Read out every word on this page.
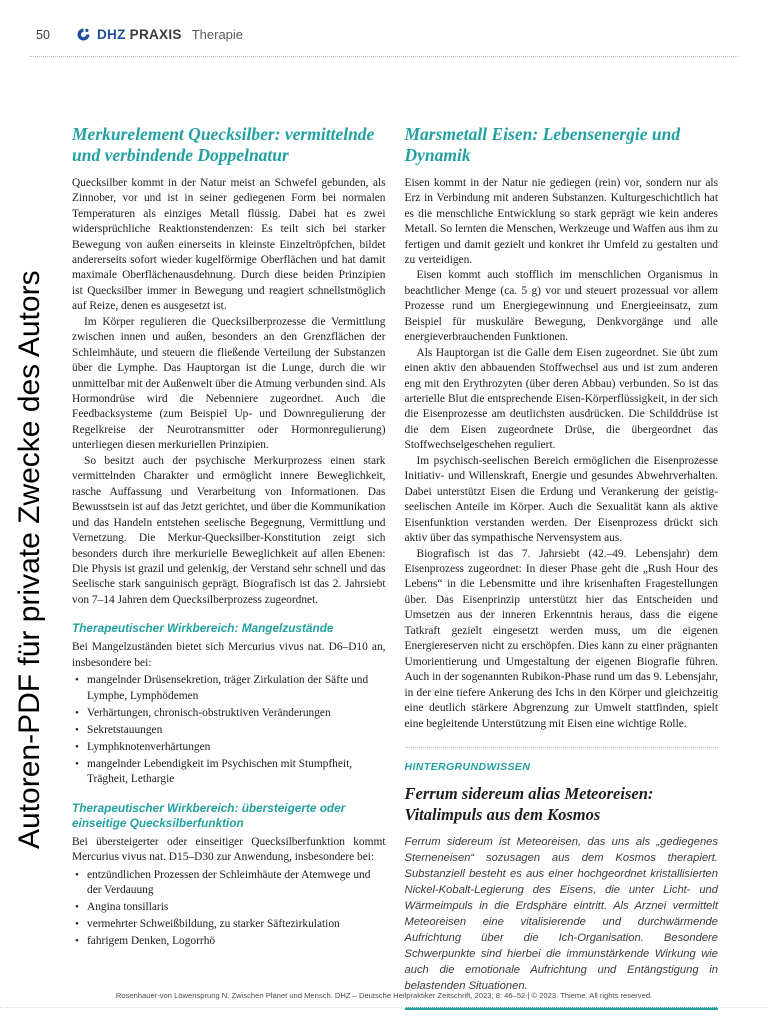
50	DHZ PRAXIS Therapie
Autoren-PDF für private Zwecke des Autors
Merkurelement Quecksilber: vermittelnde und verbindende Doppelnatur

Quecksilber kommt in der Natur meist an Schwefel gebunden, als Zinnober, vor und ist in seiner gediegenen Form bei normalen Temperaturen als einziges Metall flüssig. Dabei hat es zwei widersprüchliche Reaktionstendenzen: Es teilt sich bei starker Bewegung von außen einerseits in kleinste Einzeltröpfchen, bildet andererseits sofort wieder kugelförmige Oberflächen und hat damit maximale Oberflächenausdehnung. Durch diese beiden Prinzipien ist Quecksilber immer in Bewegung und reagiert schnellstmöglich auf Reize, denen es ausgesetzt ist.

Im Körper regulieren die Quecksilberprozesse die Vermittlung zwischen innen und außen, besonders an den Grenzflächen der Schleimhäute, und steuern die fließende Verteilung der Substanzen über die Lymphe. Das Hauptorgan ist die Lunge, durch die wir unmittelbar mit der Außenwelt über die Atmung verbunden sind. Als Hormondrüse wird die Nebenniere zugeordnet. Auch die Feedbacksysteme (zum Beispiel Up- und Downregulierung der Regelkreise der Neurotransmitter oder Hormonregulierung) unterliegen diesen merkuriellen Prinzipien.

So besitzt auch der psychische Merkurprozess einen stark vermittelnden Charakter und ermöglicht innere Beweglichkeit, rasche Auffassung und Verarbeitung von Informationen. Das Bewusstsein ist auf das Jetzt gerichtet, und über die Kommunikation und das Handeln entstehen seelische Begegnung, Vermittlung und Vernetzung. Die Merkur-Quecksilber-Konstitution zeigt sich besonders durch ihre merkurielle Beweglichkeit auf allen Ebenen: Die Physis ist grazil und gelenkig, der Verstand sehr schnell und das Seelische stark sanguinisch geprägt. Biografisch ist das 2. Jahrsiebt von 7–14 Jahren dem Quecksilberprozess zugeordnet.

Therapeutischer Wirkbereich: Mangelzustände

Bei Mangelzuständen bietet sich Mercurius vivus nat. D6–D10 an, insbesondere bei:

• mangelnder Drüsensekretion, träger Zirkulation der Säfte und Lymphe, Lymphödemen
• Verhärtungen, chronisch-obstruktiven Veränderungen
• Sekretstauungen
• Lymphknotenverhärtungen
• mangelnder Lebendigkeit im Psychischen mit Stumpfheit, Trägheit, Lethargie
Therapeutischer Wirkbereich: übersteigerte oder einseitige Quecksilberfunktion

Bei übersteigerter oder einseitiger Quecksilberfunktion kommt Mercurius vivus nat. D15–D30 zur Anwendung, insbesondere bei:

• entzündlichen Prozessen der Schleimhäute der Atemwege und der Verdauung
• Angina tonsillaris
• vermehrter Schweißbildung, zu starker Säftezirkulation
• fahrigem Denken, Logorrhö
Marsmetall Eisen: Lebensenergie und Dynamik

Eisen kommt in der Natur nie gediegen (rein) vor, sondern nur als Erz in Verbindung mit anderen Substanzen. Kulturgeschichtlich hat es die menschliche Entwicklung so stark geprägt wie kein anderes Metall. So lernten die Menschen, Werkzeuge und Waffen aus ihm zu fertigen und damit gezielt und konkret ihr Umfeld zu gestalten und zu verteidigen.

Eisen kommt auch stofflich im menschlichen Organismus in beachtlicher Menge (ca. 5 g) vor und steuert prozessual vor allem Prozesse rund um Energiegewinnung und Energieeinsatz, zum Beispiel für muskuläre Bewegung, Denkvorgänge und alle energieverbrauchenden Funktionen.

Als Hauptorgan ist die Galle dem Eisen zugeordnet. Sie übt zum einen aktiv den abbauenden Stoffwechsel aus und ist zum anderen eng mit den Erythrozyten (über deren Abbau) verbunden. So ist das arterielle Blut die entsprechende Eisen-Körperflüssigkeit, in der sich die Eisenprozesse am deutlichsten ausdrücken. Die Schilddrüse ist die dem Eisen zugeordnete Drüse, die übergeordnet das Stoffwechselgeschehen reguliert.

Im psychisch-seelischen Bereich ermöglichen die Eisenprozesse Initiativ- und Willenskraft, Energie und gesundes Abwehrverhalten. Dabei unterstützt Eisen die Erdung und Verankerung der geistig-seelischen Anteile im Körper. Auch die Sexualität kann als aktive Eisenfunktion verstanden werden. Der Eisenprozess drückt sich aktiv über das sympathische Nervensystem aus.

Biografisch ist das 7. Jahrsiebt (42.–49. Lebensjahr) dem Eisenprozess zugeordnet: In dieser Phase geht die „Rush Hour des Lebens“ in die Lebensmitte und ihre krisenhaften Fragestellungen über. Das Eisenprinzip unterstützt hier das Entscheiden und Umsetzen aus der inneren Erkenntnis heraus, dass die eigene Tatkraft gezielt eingesetzt werden muss, um die eigenen Energiereserven nicht zu erschöpfen. Dies kann zu einer prägnanten Umorientierung und Umgestaltung der eigenen Biografie führen. Auch in der sogenannten Rubikon-Phase rund um das 9. Lebensjahr, in der eine tiefere Ankerung des Ichs in den Körper und gleichzeitig eine deutlich stärkere Abgrenzung zur Umwelt stattfinden, spielt eine begleitende Unterstützung mit Eisen eine wichtige Rolle.

HINTERGRUNDWISSEN

Ferrum sidereum alias Meteoreisen: Vitalimpuls aus dem Kosmos

Ferrum sidereum ist Meteoreisen, das uns als „gediegenes Sterneneisen“ sozusagen aus dem Kosmos therapiert. Substanziell besteht es aus einer hochgeordnet kristallisierten Nickel-Kobalt-Legierung des Eisens, die unter Licht- und Wärmeimpuls in die Erdsphäre eintritt. Als Arznei vermittelt Meteoreisen eine vitalisierende und durchwärmende Aufrichtung über die Ich-Organisation. Besondere Schwerpunkte sind hierbei die immunstärkende Wirkung wie auch die emotionale Aufrichtung und Entängstigung in belastenden Situationen.

Rosenhauer-von Löwensprung N. Zwischen Planet und Mensch. DHZ – Deutsche Heilpraktiker Zeitschrift, 2023; 8: 46–52 | © 2023. Thieme. All rights reserved.
